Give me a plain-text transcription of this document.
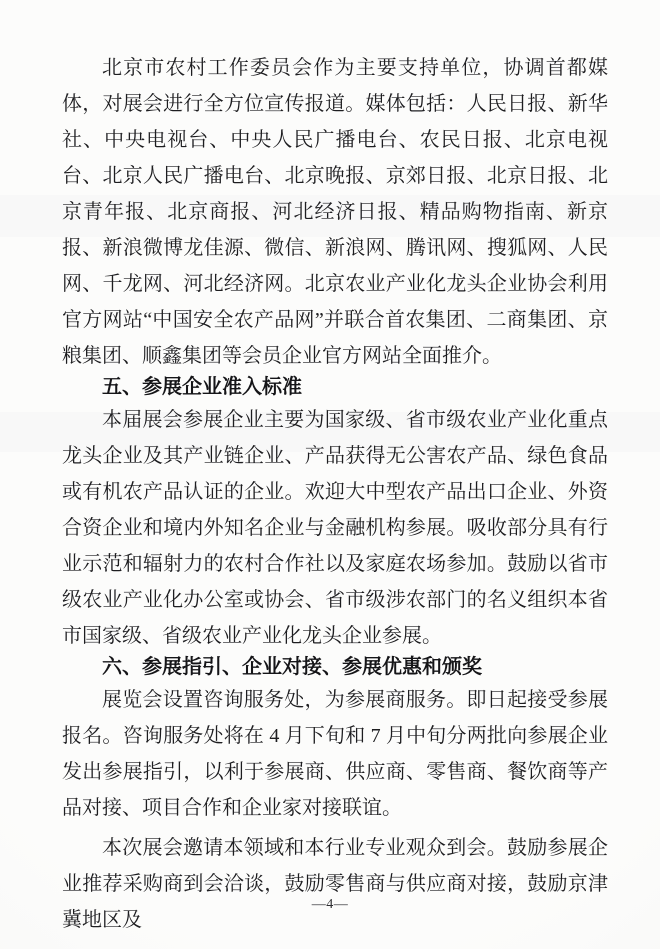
北京市农村工作委员会作为主要支持单位，协调首都媒体，对展会进行全方位宣传报道。媒体包括：人民日报、新华社、中央电视台、中央人民广播电台、农民日报、北京电视台、北京人民广播电台、北京晚报、京郊日报、北京日报、北京青年报、北京商报、河北经济日报、精品购物指南、新京报、新浪微博龙佳源、微信、新浪网、腾讯网、搜狐网、人民网、千龙网、河北经济网。北京农业产业化龙头企业协会利用官方网站“中国安全农产品网”并联合首农集团、二商集团、京粮集团、顺鑫集团等会员企业官方网站全面推介。

五、参展企业准入标准

本届展会参展企业主要为国家级、省市级农业产业化重点龙头企业及其产业链企业、产品获得无公害农产品、绿色食品或有机农产品认证的企业。欢迎大中型农产品出口企业、外资合资企业和境内外知名企业与金融机构参展。吸收部分具有行业示范和辐射力的农村合作社以及家庭农场参加。鼓励以省市级农业产业化办公室或协会、省市级涉农部门的名义组织本省市国家级、省级农业产业化龙头企业参展。

六、参展指引、企业对接、参展优惠和颁奖

展览会设置咨询服务处，为参展商服务。即日起接受参展报名。咨询服务处将在 4 月下旬和 7 月中旬分两批向参展企业发出参展指引，以利于参展商、供应商、零售商、餐饮商等产品对接、项目合作和企业家对接联谊。

本次展会邀请本领域和本行业专业观众到会。鼓励参展企业推荐采购商到会洽谈，鼓励零售商与供应商对接，鼓励京津冀地区及

—4—
